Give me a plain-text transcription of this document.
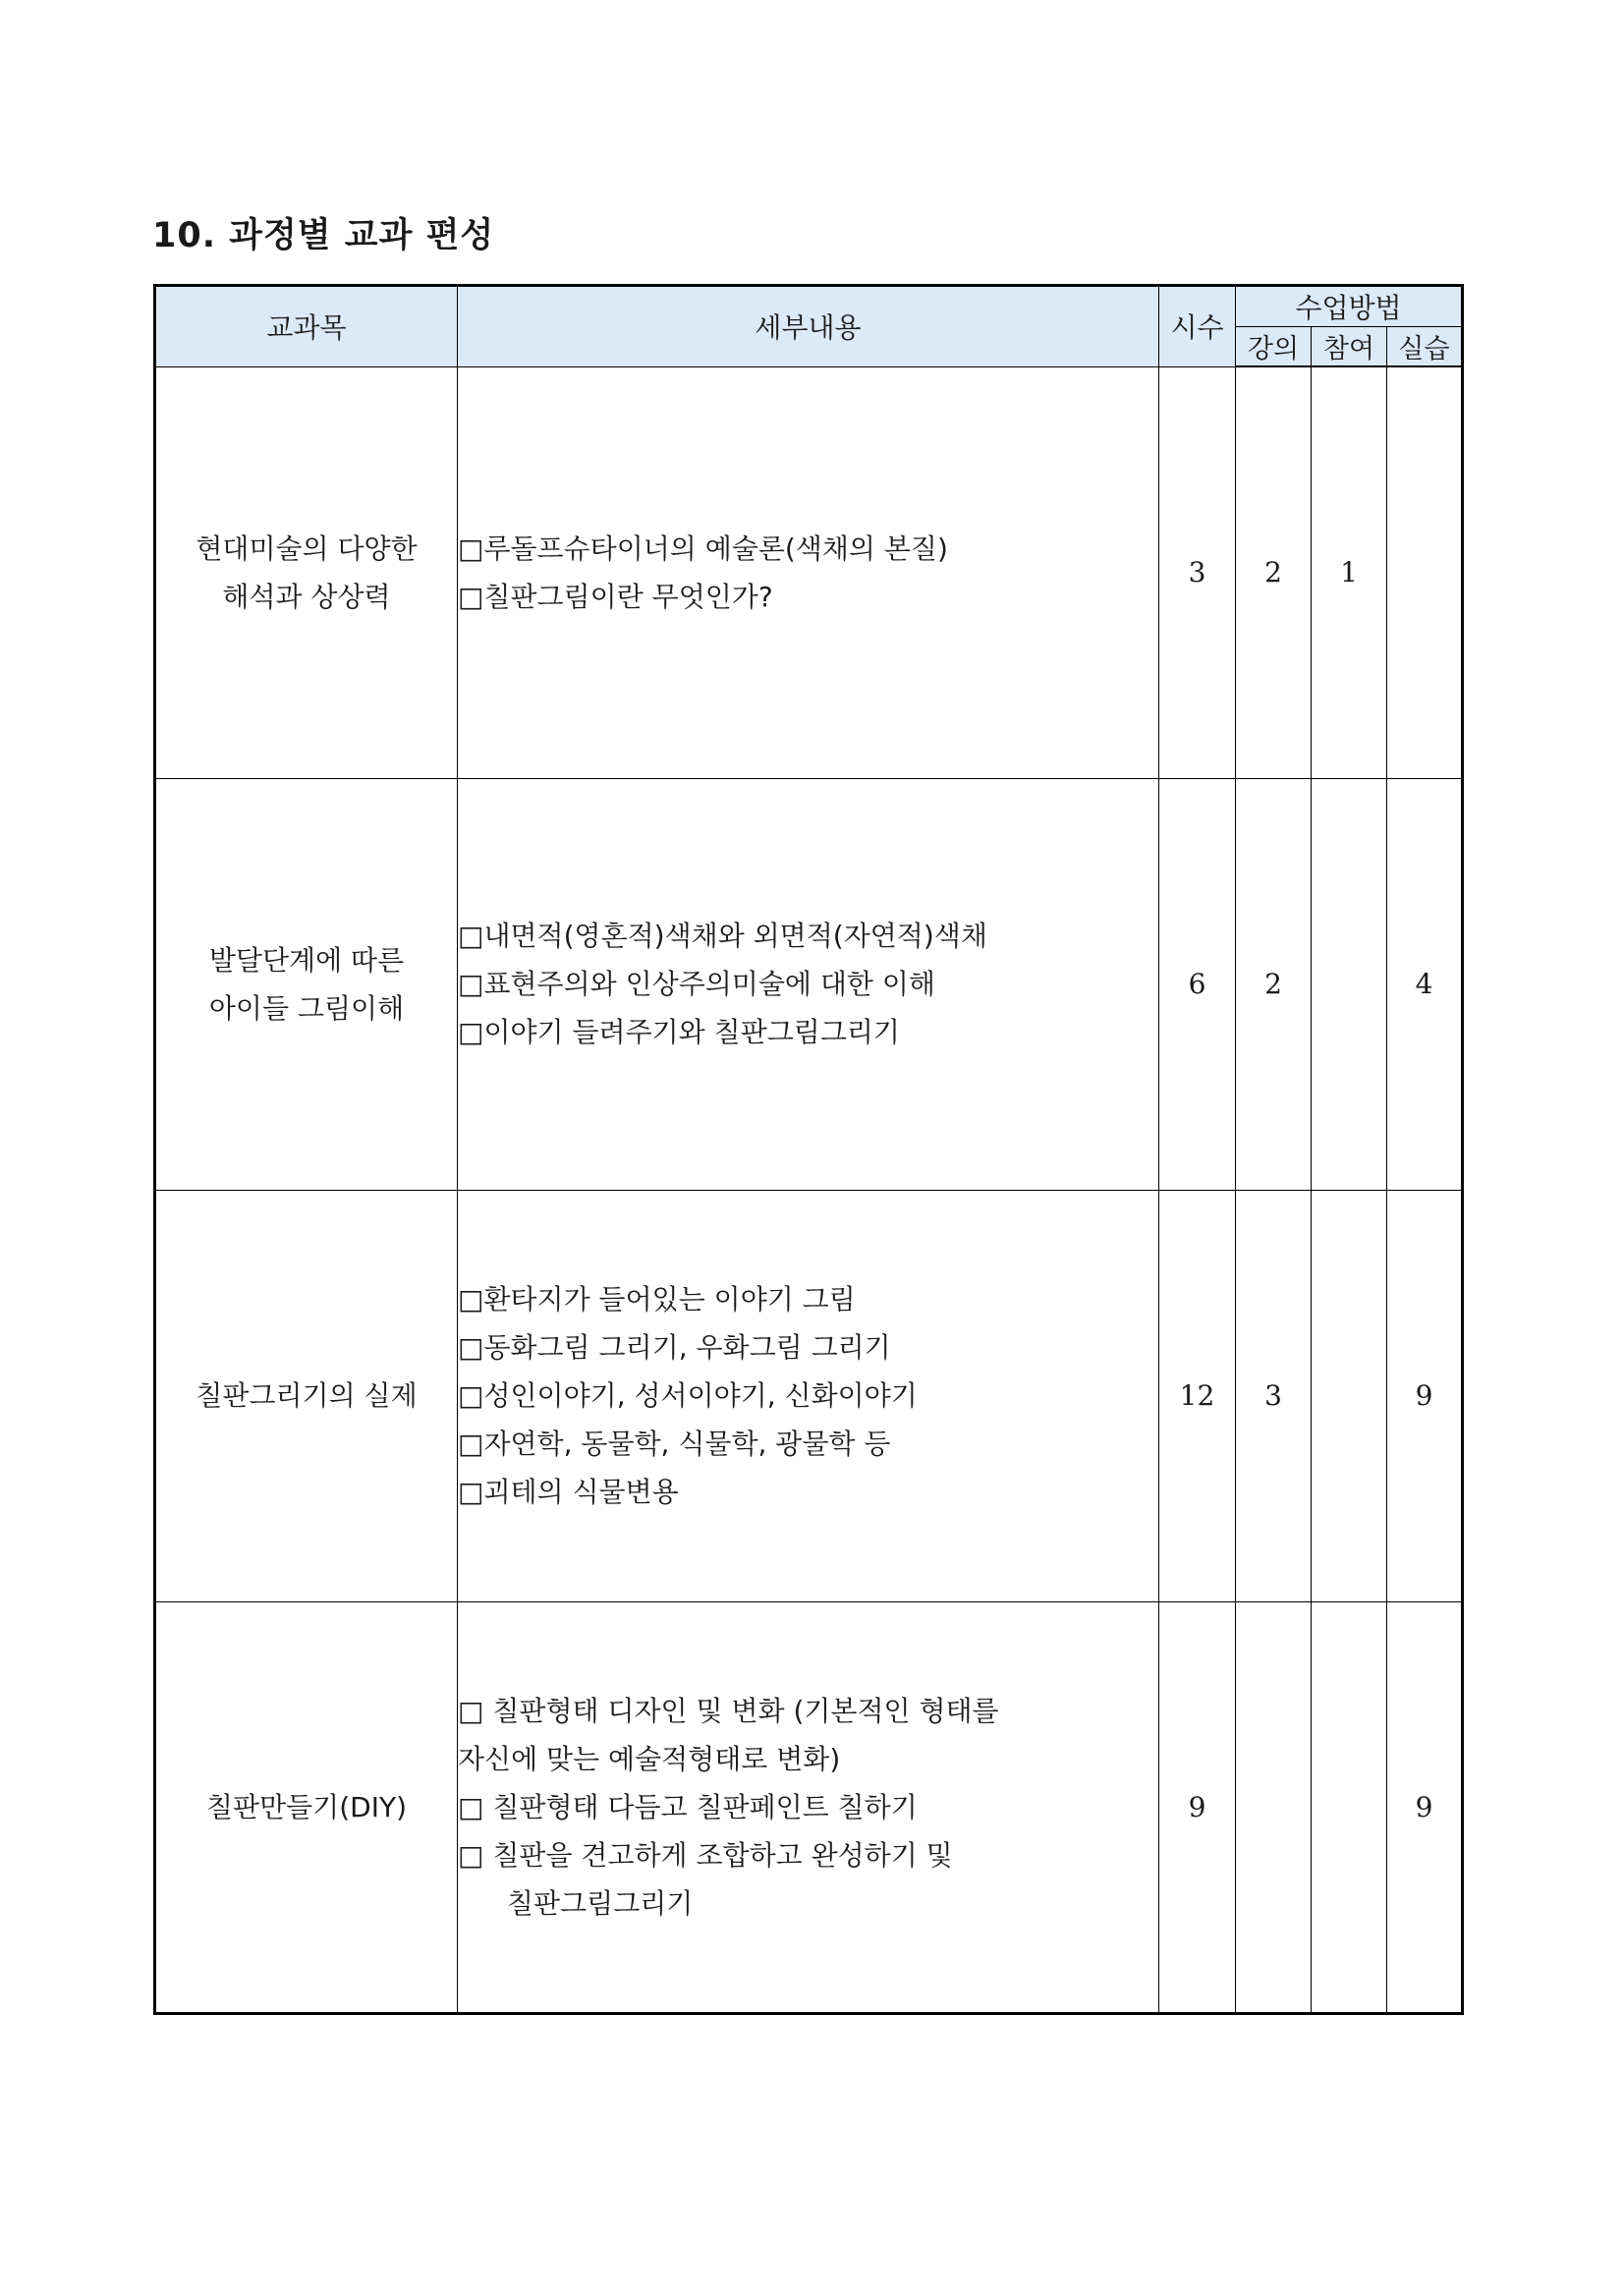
10. 과정별 교과 편성
교과목	세부내용	시수	수업방법		
			강의	참여	실습

현대미술의 다양한
해석과 상상력	□루돌프슈타이너의 예술론(색채의 본질)
□칠판그림이란 무엇인가?	3	2	1	

발달단계에 따른
아이들 그림이해	□내면적(영혼적)색채와 외면적(자연적)색채
□표현주의와 인상주의미술에 대한 이해
□이야기 들려주기와 칠판그림그리기	6	2		4

칠판그리기의 실제	□환타지가 들어있는 이야기 그림
□동화그림 그리기, 우화그림 그리기
□성인이야기, 성서이야기, 신화이야기
□자연학, 동물학, 식물학, 광물학 등
□괴테의 식물변용	12	3		9

칠판만들기(DIY)	□ 칠판형태 디자인 및 변화 (기본적인 형태를
자신에 맞는 예술적형태로 변화)
□ 칠판형태 다듬고 칠판페인트 칠하기
□ 칠판을 견고하게 조합하고 완성하기 및
칠판그림그리기	9			9
